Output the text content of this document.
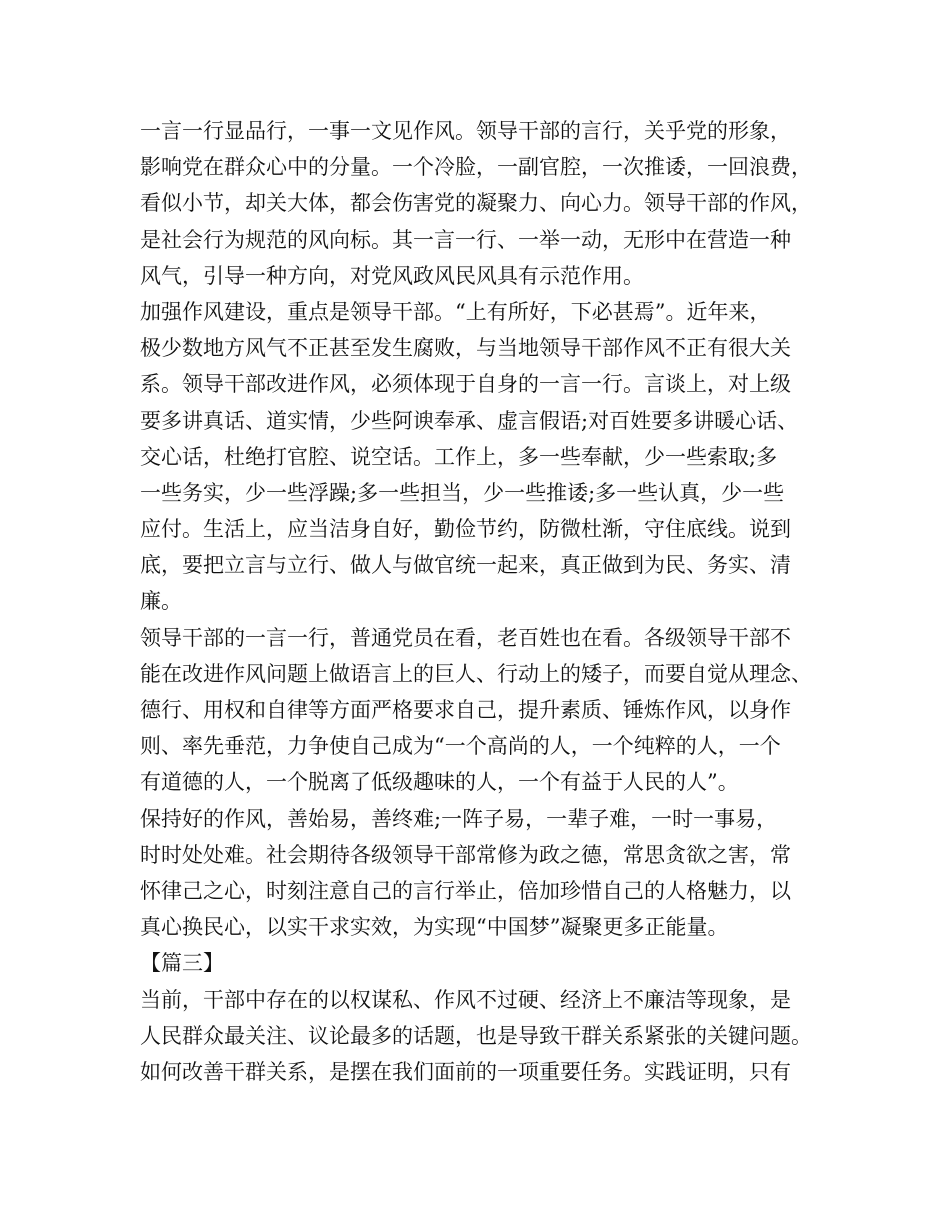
一言一行显品行，一事一文见作风。领导干部的言行，关乎党的形象，
影响党在群众心中的分量。一个冷脸，一副官腔，一次推诿，一回浪费，
看似小节，却关大体，都会伤害党的凝聚力、向心力。领导干部的作风，
是社会行为规范的风向标。其一言一行、一举一动，无形中在营造一种
风气，引导一种方向，对党风政风民风具有示范作用。
加强作风建设，重点是领导干部。“上有所好，下必甚焉”。近年来，
极少数地方风气不正甚至发生腐败，与当地领导干部作风不正有很大关
系。领导干部改进作风，必须体现于自身的一言一行。言谈上，对上级
要多讲真话、道实情，少些阿谀奉承、虚言假语;对百姓要多讲暖心话、
交心话，杜绝打官腔、说空话。工作上，多一些奉献，少一些索取;多
一些务实，少一些浮躁;多一些担当，少一些推诿;多一些认真，少一些
应付。生活上，应当洁身自好，勤俭节约，防微杜渐，守住底线。说到
底，要把立言与立行、做人与做官统一起来，真正做到为民、务实、清
廉。
领导干部的一言一行，普通党员在看，老百姓也在看。各级领导干部不
能在改进作风问题上做语言上的巨人、行动上的矮子，而要自觉从理念、
德行、用权和自律等方面严格要求自己，提升素质、锤炼作风，以身作
则、率先垂范，力争使自己成为“一个高尚的人，一个纯粹的人，一个
有道德的人，一个脱离了低级趣味的人，一个有益于人民的人”。
保持好的作风，善始易，善终难;一阵子易，一辈子难，一时一事易，
时时处处难。社会期待各级领导干部常修为政之德，常思贪欲之害，常
怀律己之心，时刻注意自己的言行举止，倍加珍惜自己的人格魅力，以
真心换民心，以实干求实效，为实现“中国梦”凝聚更多正能量。
【篇三】
当前，干部中存在的以权谋私、作风不过硬、经济上不廉洁等现象，是
人民群众最关注、议论最多的话题，也是导致干群关系紧张的关键问题。
如何改善干群关系，是摆在我们面前的一项重要任务。实践证明，只有
